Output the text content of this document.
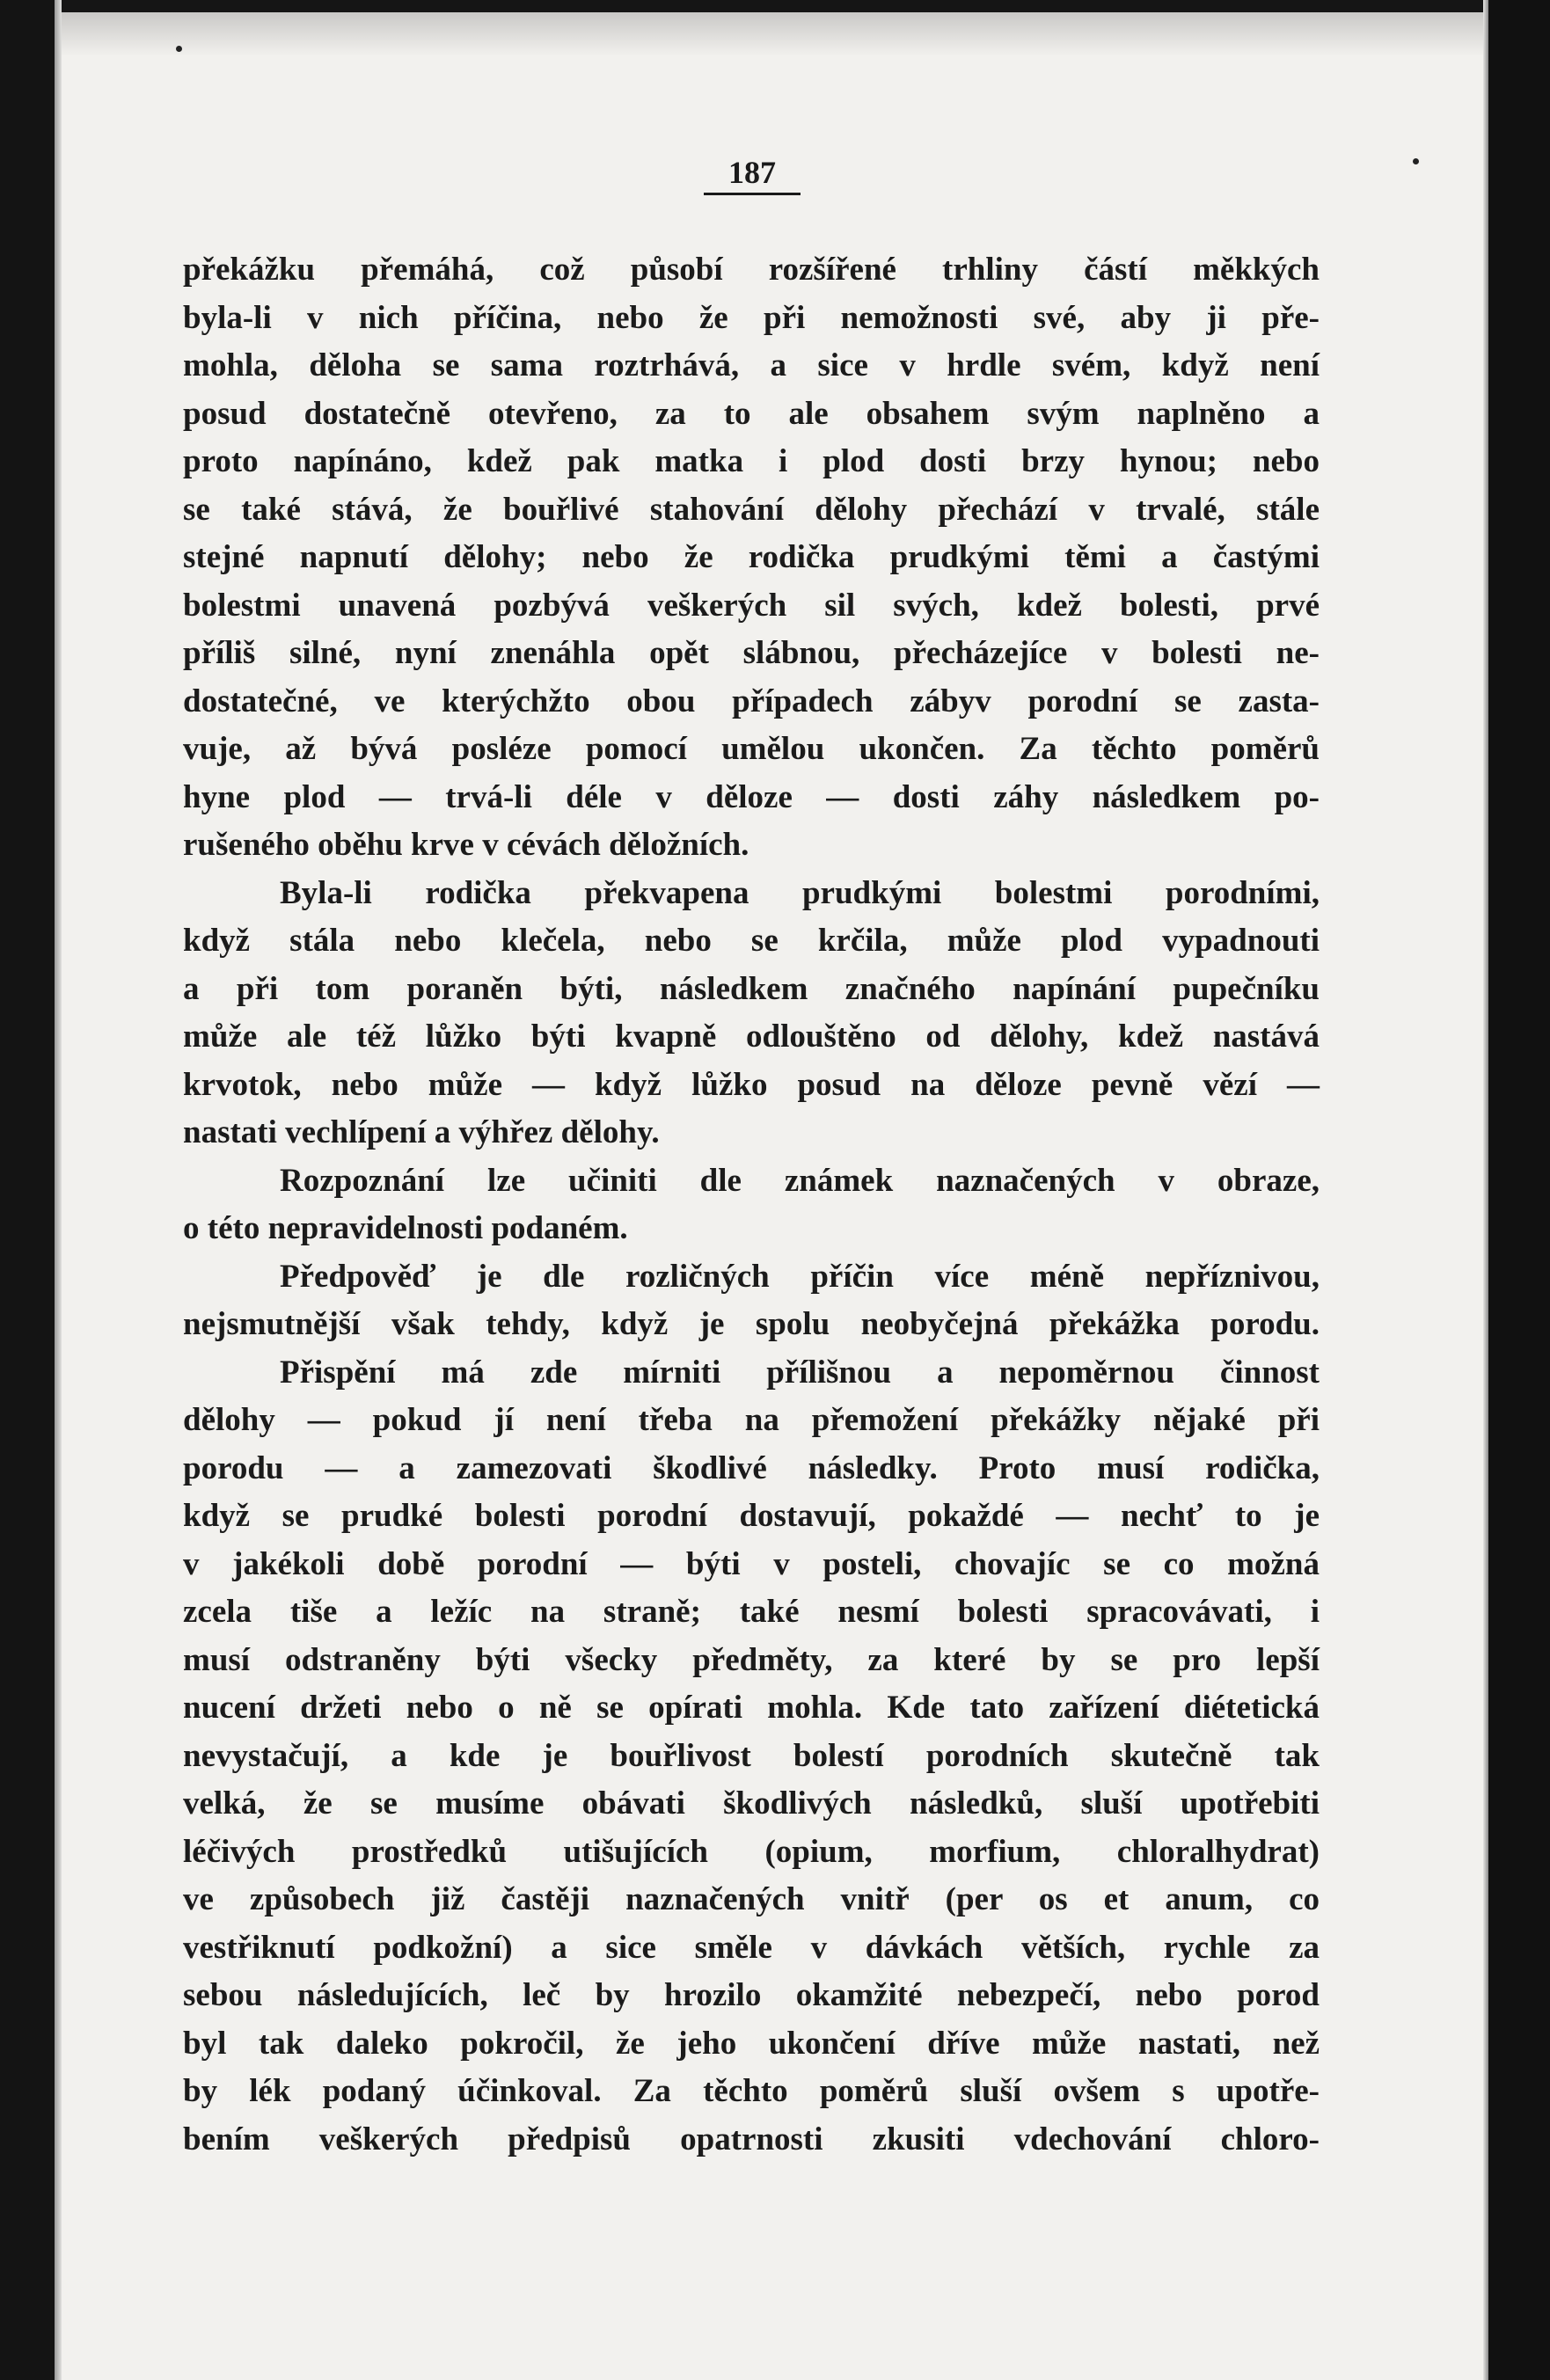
187
překážku přemáhá, což působí rozšířené trhliny částí měkkých
byla-li v nich příčina, nebo že při nemožnosti své, aby ji pře-
mohla, děloha se sama roztrhává, a sice v hrdle svém, když není
posud dostatečně otevřeno, za to ale obsahem svým naplněno a
proto napínáno, kdež pak matka i plod dosti brzy hynou; nebo
se také stává, že bouřlivé stahování dělohy přechází v trvalé, stále
stejné napnutí dělohy; nebo že rodička prudkými těmi a častými
bolestmi unavená pozbývá veškerých sil svých, kdež bolesti, prvé
příliš silné, nyní znenáhla opět slábnou, přecházejíce v bolesti ne-
dostatečné, ve kterýchžto obou případech zábyv porodní se zasta-
vuje, až bývá posléze pomocí umělou ukončen. Za těchto poměrů
hyne plod — trvá-li déle v děloze — dosti záhy následkem po-
rušeného oběhu krve v cévách děložních.
Byla-li rodička překvapena prudkými bolestmi porodními,
když stála nebo klečela, nebo se krčila, může plod vypadnouti
a při tom poraněn býti, následkem značného napínání pupečníku
může ale též lůžko býti kvapně odlouštěno od dělohy, kdež nastává
krvotok, nebo může — když lůžko posud na děloze pevně vězí —
nastati vechlípení a výhřez dělohy.
Rozpoznání lze učiniti dle známek naznačených v obraze,
o této nepravidelnosti podaném.
Předpověď je dle rozličných příčin více méně nepříznivou,
nejsmutnější však tehdy, když je spolu neobyčejná překážka porodu.
Přispění má zde mírniti přílišnou a nepoměrnou činnost
dělohy — pokud jí není třeba na přemožení překážky nějaké při
porodu — a zamezovati škodlivé následky. Proto musí rodička,
když se prudké bolesti porodní dostavují, pokaždé — nechť to je
v jakékoli době porodní — býti v posteli, chovajíc se co možná
zcela tiše a ležíc na straně; také nesmí bolesti spracovávati, i
musí odstraněny býti všecky předměty, za které by se pro lepší
nucení držeti nebo o ně se opírati mohla. Kde tato zařízení diétetická
nevystačují, a kde je bouřlivost bolestí porodních skutečně tak
velká, že se musíme obávati škodlivých následků, sluší upotřebiti
léčivých prostředků utišujících (opium, morfium, chloralhydrat)
ve způsobech již častěji naznačených vnitř (per os et anum, co
vestřiknutí podkožní) a sice směle v dávkách větších, rychle za
sebou následujících, leč by hrozilo okamžité nebezpečí, nebo porod
byl tak daleko pokročil, že jeho ukončení dříve může nastati, než
by lék podaný účinkoval. Za těchto poměrů sluší ovšem s upotře-
bením veškerých předpisů opatrnosti zkusiti vdechování chloro-
